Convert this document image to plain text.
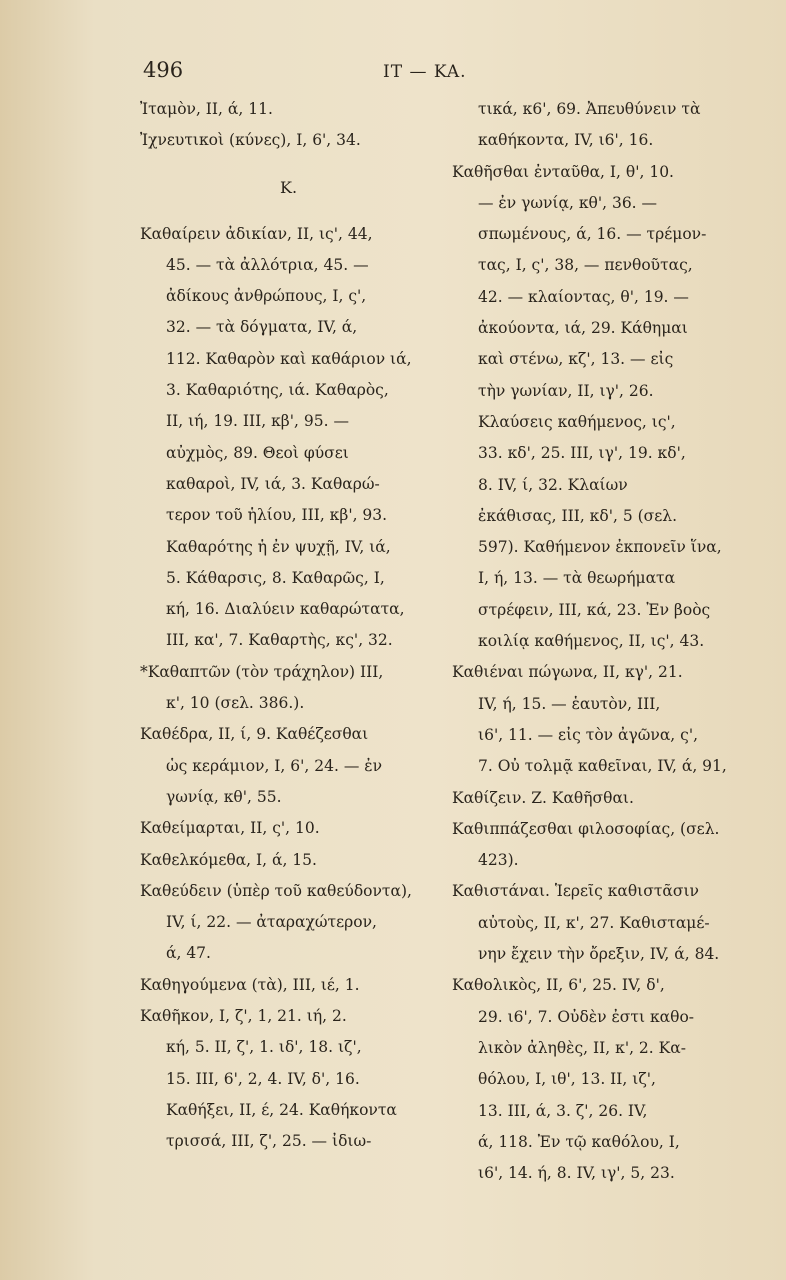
496	IT — KA.
Ἰταμὸν, II, ά, 11.
Ἰχνευτικοὶ (κύνες), I, 6', 34.
K.
Καθαίρειν ἀδικίαν, II, ις', 44,
45. — τὰ ἀλλότρια, 45. —
ἀδίκους ἀνθρώπους, I, ς',
32. — τὰ δόγματα, IV, ά,
112. Καθαρὸν καὶ καθάριον ιά,
3. Καθαριότης, ιά. Καθαρὸς,
II, ιή, 19. III, κβ', 95. —
αὐχμὸς, 89. Θεοὶ φύσει
καθαροὶ, IV, ιά, 3. Καθαρώ-
τερον τοῦ ἡλίου, III, κβ', 93.
Καθαρότης ἡ ἐν ψυχῇ, IV, ιά,
5. Κάθαρσις, 8. Καθαρῶς, I,
κή, 16. Διαλύειν καθαρώτατα,
III, κα', 7. Καθαρτὴς, κς', 32.
*Καθαπτῶν (τὸν τράχηλον) III,
κ', 10 (σελ. 386.).
Καθέδρα, II, ί, 9. Καθέζεσθαι
ὡς κεράμιον, I, 6', 24. — ἐν
γωνίᾳ, κθ', 55.
Καθείμαρται, II, ς', 10.
Καθελκόμεθα, I, ά, 15.
Καθεύδειν (ὑπὲρ τοῦ καθεύδοντα),
IV, ί, 22. — ἀταραχώτερον,
ά, 47.
Καθηγούμενα (τὰ), III, ιέ, 1.
Καθῆκον, I, ζ', 1, 21. ιή, 2.
κή, 5. II, ζ', 1. ιδ', 18. ιζ',
15. III, 6', 2, 4. IV, δ', 16.
Καθήξει, II, έ, 24. Καθήκοντα
τρισσά, III, ζ', 25. — ἰδιω-
τικά, κ6', 69. Ἀπευθύνειν τὰ
καθήκοντα, IV, ι6', 16.
Καθῆσθαι ἐνταῦθα, I, θ', 10.
— ἐν γωνίᾳ, κθ', 36. —
σπωμένους, ά, 16. — τρέμον-
τας, I, ς', 38, — πενθοῦτας,
42. — κλαίοντας, θ', 19. —
ἀκούοντα, ιά, 29. Κάθημαι
καὶ στένω, κζ', 13. — εἰς
τὴν γωνίαν, II, ιγ', 26.
Κλαύσεις καθήμενος, ις',
33. κδ', 25. III, ιγ', 19. κδ',
8. IV, ί, 32. Κλαίων
ἐκάθισας, III, κδ', 5 (σελ.
597). Καθήμενον ἐκπονεῖν ἵνα,
I, ή, 13. — τὰ θεωρήματα
στρέφειν, III, κά, 23. Ἐν βοὸς
κοιλίᾳ καθήμενος, II, ις', 43.
Καθιέναι πώγωνα, II, κγ', 21.
IV, ή, 15. — ἑαυτὸν, III,
ι6', 11. — εἰς τὸν ἀγῶνα, ς',
7. Οὐ τολμᾷ καθεῖναι, IV, ά, 91,
Καθίζειν. Ζ. Καθῆσθαι.
Καθιππάζεσθαι φιλοσοφίας, (σελ.
423).
Καθιστάναι. Ἱερεῖς καθιστᾶσιν
αὐτοὺς, II, κ', 27. Καθισταμέ-
νην ἔχειν τὴν ὄρεξιν, IV, ά, 84.
Καθολικὸς, II, 6', 25. IV, δ',
29. ι6', 7. Οὐδὲν ἐστι καθο-
λικὸν ἀληθὲς, II, κ', 2. Κα-
θόλου, I, ιθ', 13. II, ιζ',
13. III, ά, 3. ζ', 26. IV,
ά, 118. Ἐν τῷ καθόλου, I,
ι6', 14. ή, 8. IV, ιγ', 5, 23.
